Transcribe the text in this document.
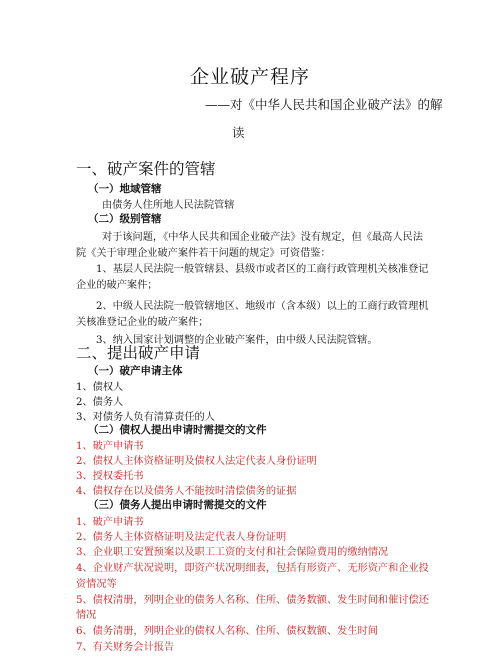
企业破产程序
——对《中华人民共和国企业破产法》的解
读
一、破产案件的管辖
（一）地域管辖
由债务人住所地人民法院管辖
（二）级别管辖
对于该问题，《中华人民共和国企业破产法》没有规定，但《最高人民法
院《关于审理企业破产案件若干问题的规定》可资借鉴：
1、基层人民法院一般管辖县、县级市或者区的工商行政管理机关核准登记
企业的破产案件；
2、中级人民法院一般管辖地区、地级市（含本级）以上的工商行政管理机
关核准登记企业的破产案件；
3、纳入国家计划调整的企业破产案件，由中级人民法院管辖。
二、提出破产申请
（一）破产申请主体
1、债权人
2、债务人
3、对债务人负有清算责任的人
（二）债权人提出申请时需提交的文件
1、破产申请书
2、债权人主体资格证明及债权人法定代表人身份证明
3、授权委托书
4、债权存在以及债务人不能按时清偿债务的证据
（三）债务人提出申请时需提交的文件
1、破产申请书
2、债务人主体资格证明及法定代表人身份证明
3、企业职工安置预案以及职工工资的支付和社会保险费用的缴纳情况
4、企业财产状况说明，即资产状况明细表，包括有形资产、无形资产和企业投
资情况等
5、债权清册，列明企业的债务人名称、住所、债务数额、发生时间和催讨偿还
情况
6、债务清册，列明企业的债权人名称、住所、债权数额、发生时间
7、有关财务会计报告
